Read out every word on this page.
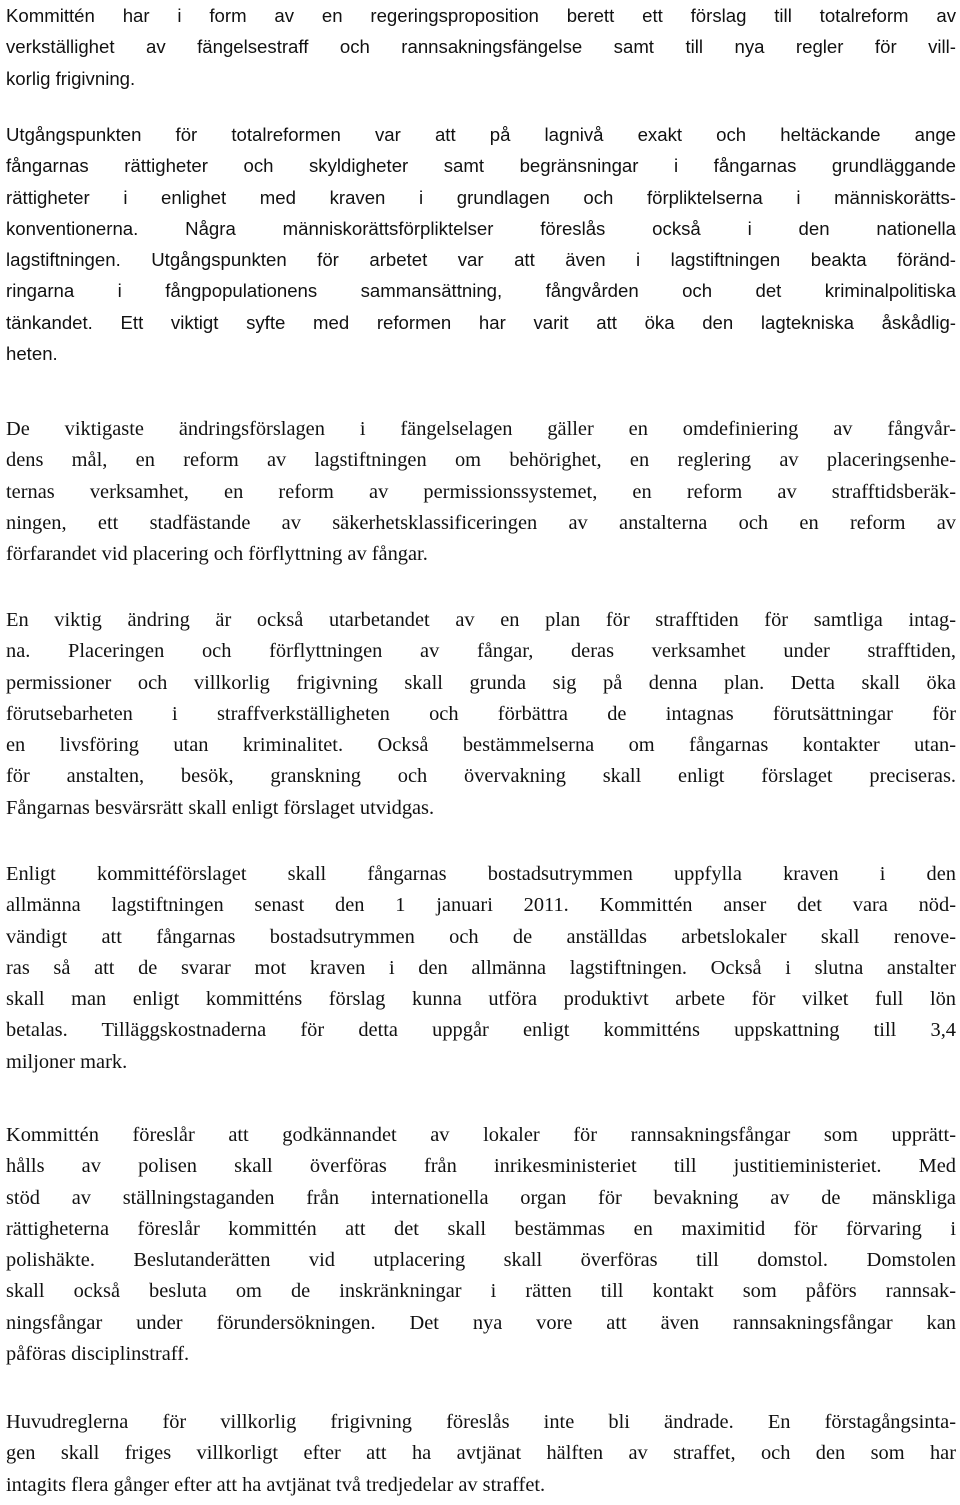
Kommittén har i form av en regeringsproposition berett ett förslag till totalreform av
verkställighet av fängelsestraff och rannsakningsfängelse samt till nya regler för vill-
korlig frigivning.
Utgångspunkten för totalreformen var att på lagnivå exakt och heltäckande ange
fångarnas rättigheter och skyldigheter samt begränsningar i fångarnas grundläggande
rättigheter i enlighet med kraven i grundlagen och förpliktelserna i människorätts-
konventionerna. Några människorättsförpliktelser föreslås också i den nationella
lagstiftningen. Utgångspunkten för arbetet var att även i lagstiftningen beakta föränd-
ringarna i fångpopulationens sammansättning, fångvården och det kriminalpolitiska
tänkandet. Ett viktigt syfte med reformen har varit att öka den lagtekniska åskådlig-
heten.
De viktigaste ändringsförslagen i fängelselagen gäller en omdefiniering av fångvår-
dens mål, en reform av lagstiftningen om behörighet, en reglering av placeringsenhe-
ternas verksamhet, en reform av permissionssystemet, en reform av strafftidsberäk-
ningen, ett stadfästande av säkerhetsklassificeringen av anstalterna och en reform av
förfarandet vid placering och förflyttning av fångar.
En viktig ändring är också utarbetandet av en plan för strafftiden för samtliga intag-
na. Placeringen och förflyttningen av fångar, deras verksamhet under strafftiden,
permissioner och villkorlig frigivning skall grunda sig på denna plan. Detta skall öka
förutsebarheten i straffverkställigheten och förbättra de intagnas förutsättningar för
en livsföring utan kriminalitet. Också bestämmelserna om fångarnas kontakter utan-
för anstalten, besök, granskning och övervakning skall enligt förslaget preciseras.
Fångarnas besvärsrätt skall enligt förslaget utvidgas.
Enligt kommittéförslaget skall fångarnas bostadsutrymmen uppfylla kraven i den
allmänna lagstiftningen senast den 1 januari 2011. Kommittén anser det vara nöd-
vändigt att fångarnas bostadsutrymmen och de anställdas arbetslokaler skall renove-
ras så att de svarar mot kraven i den allmänna lagstiftningen. Också i slutna anstalter
skall man enligt kommitténs förslag kunna utföra produktivt arbete för vilket full lön
betalas. Tilläggskostnaderna för detta uppgår enligt kommitténs uppskattning till 3,4
miljoner mark.
Kommittén föreslår att godkännandet av lokaler för rannsakningsfångar som upprätt-
hålls av polisen skall överföras från inrikesministeriet till justitieministeriet. Med
stöd av ställningstaganden från internationella organ för bevakning av de mänskliga
rättigheterna föreslår kommittén att det skall bestämmas en maximitid för förvaring i
polishäkte. Beslutanderätten vid utplacering skall överföras till domstol. Domstolen
skall också besluta om de inskränkningar i rätten till kontakt som påförs rannsak-
ningsfångar under förundersökningen. Det nya vore att även rannsakningsfångar kan
påföras disciplinstraff.
Huvudreglerna för villkorlig frigivning föreslås inte bli ändrade. En förstagångsinta-
gen skall friges villkorligt efter att ha avtjänat hälften av straffet, och den som har
intagits flera gånger efter att ha avtjänat två tredjedelar av straffet.
